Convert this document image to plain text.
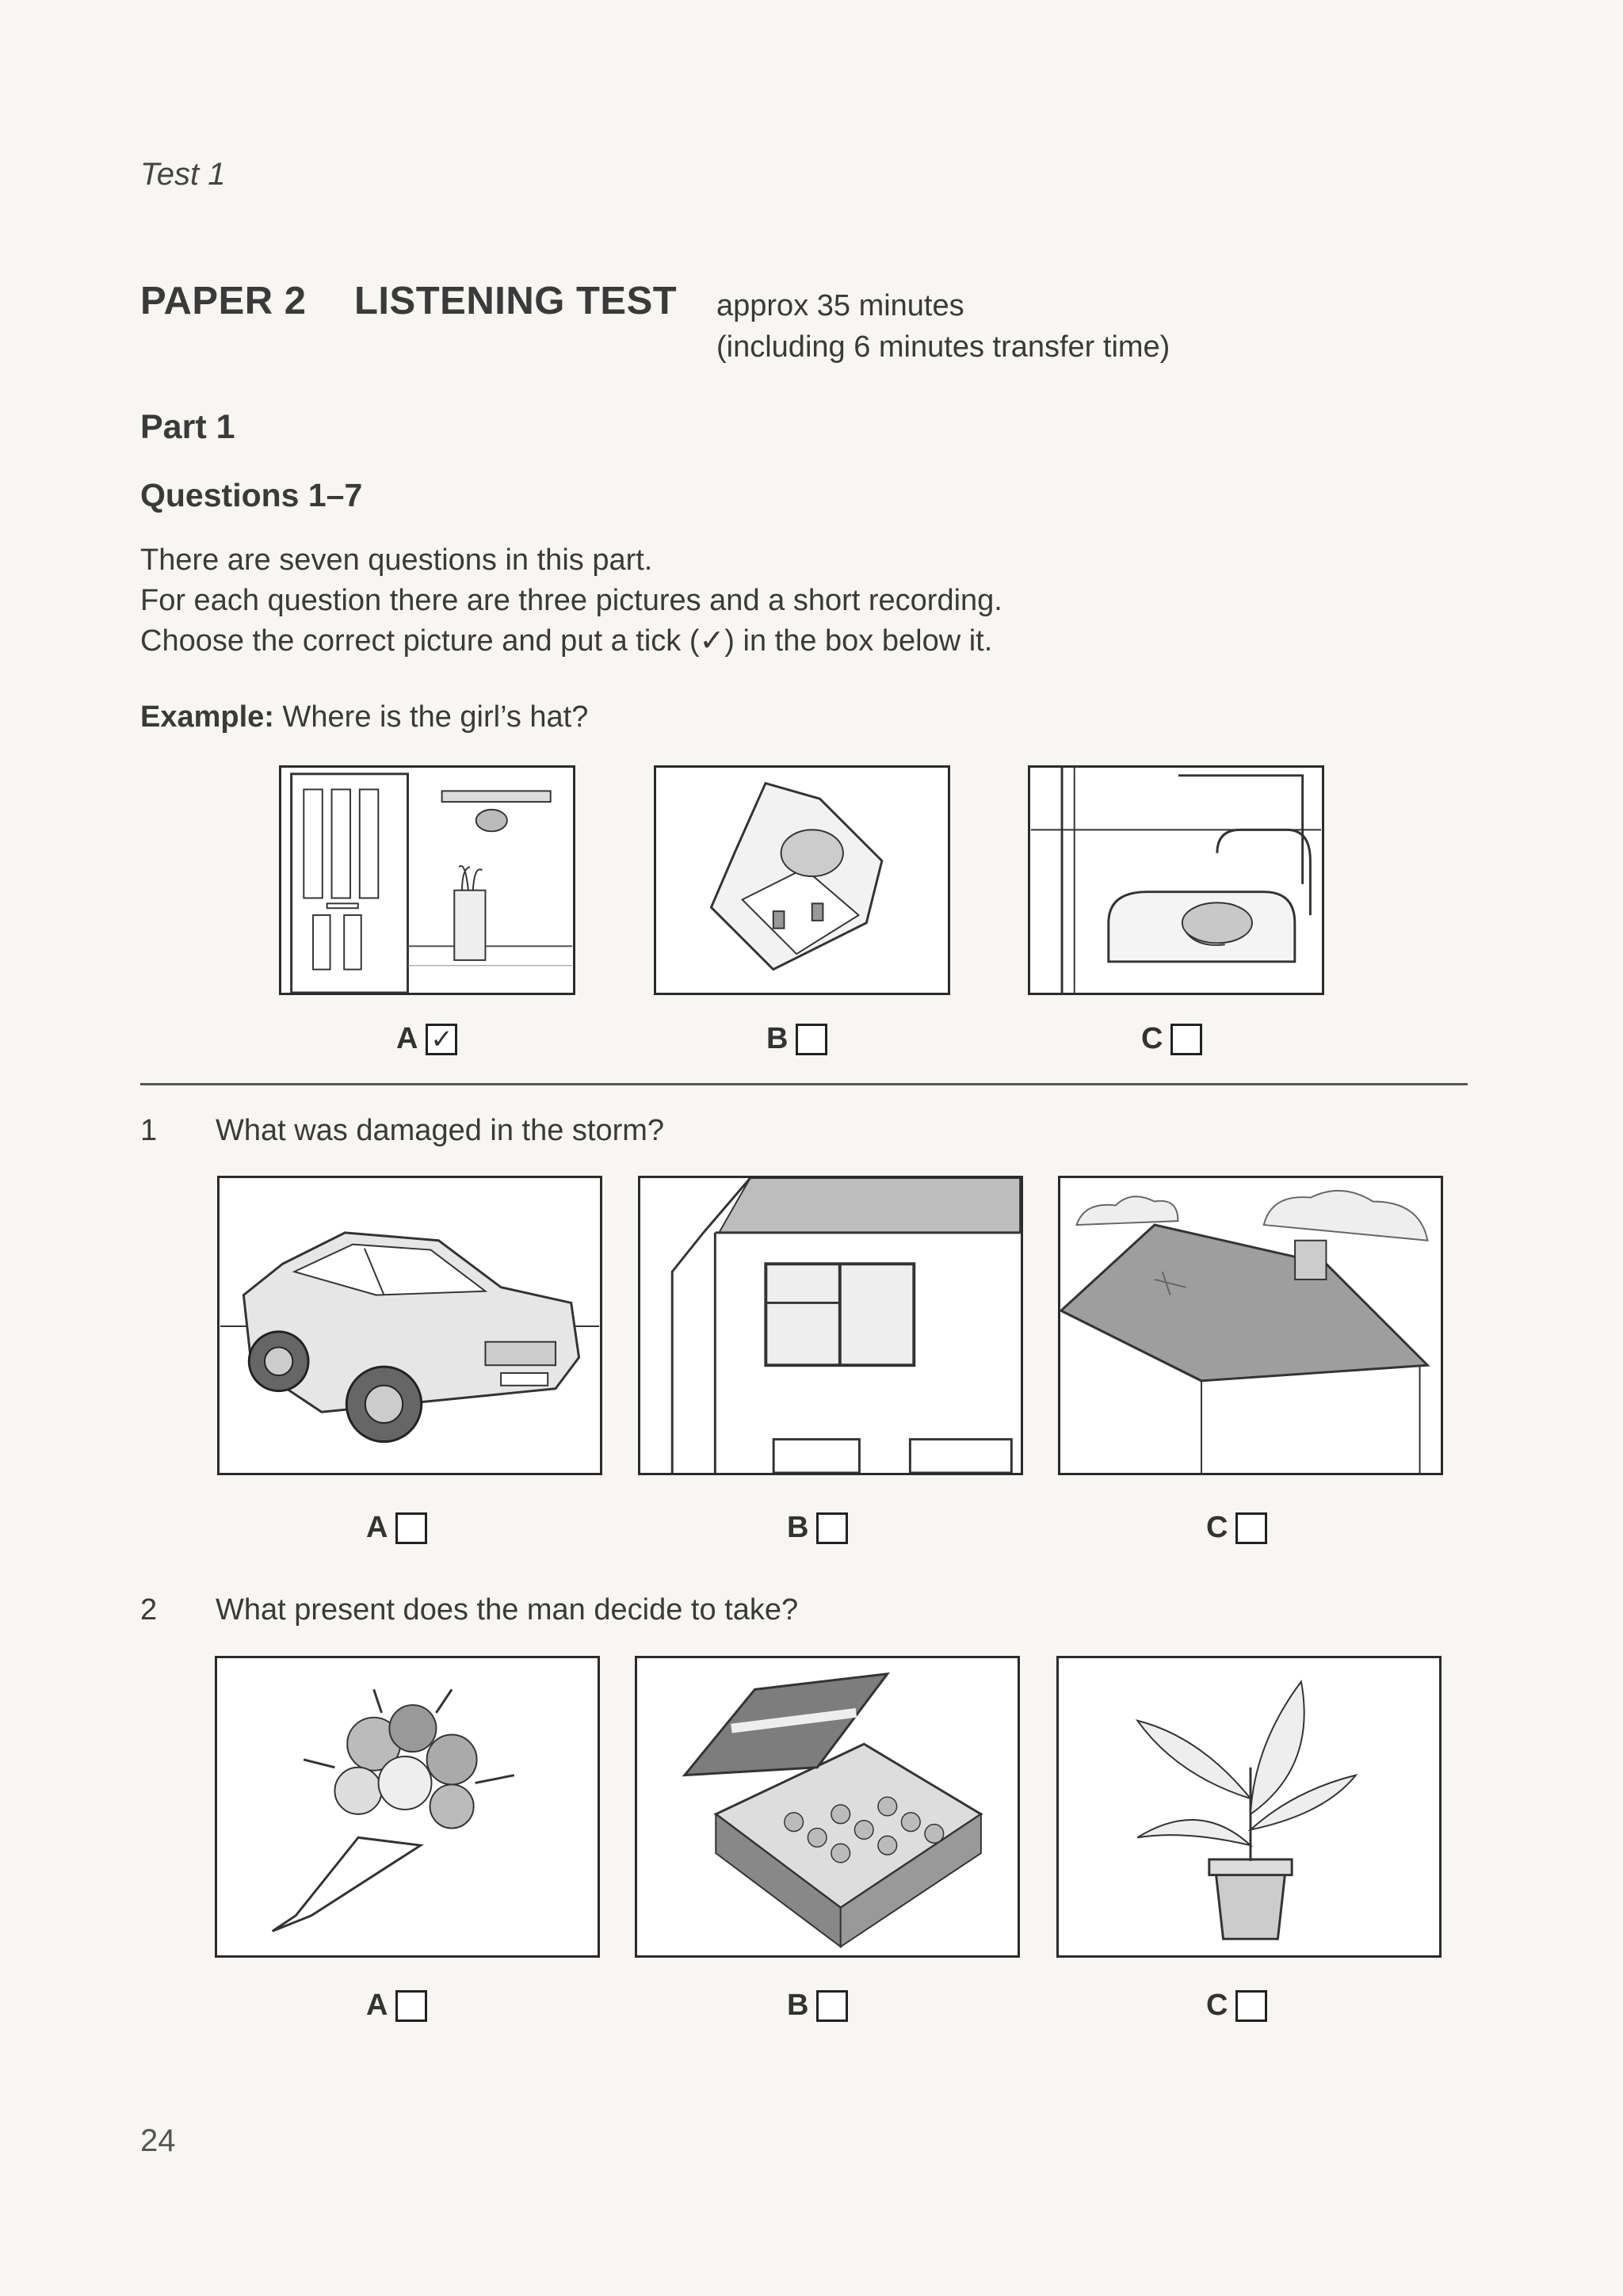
Test 1
PAPER 2 LISTENING TEST approx 35 minutes
(including 6 minutes transfer time)
Part 1
Questions 1–7
There are seven questions in this part.
For each question there are three pictures and a short recording.
Choose the correct picture and put a tick (✓) in the box below it.
Example: Where is the girl’s hat?
A ✓	B	C
1 What was damaged in the storm?
A	B	C
2 What present does the man decide to take?
A	B	C
24
